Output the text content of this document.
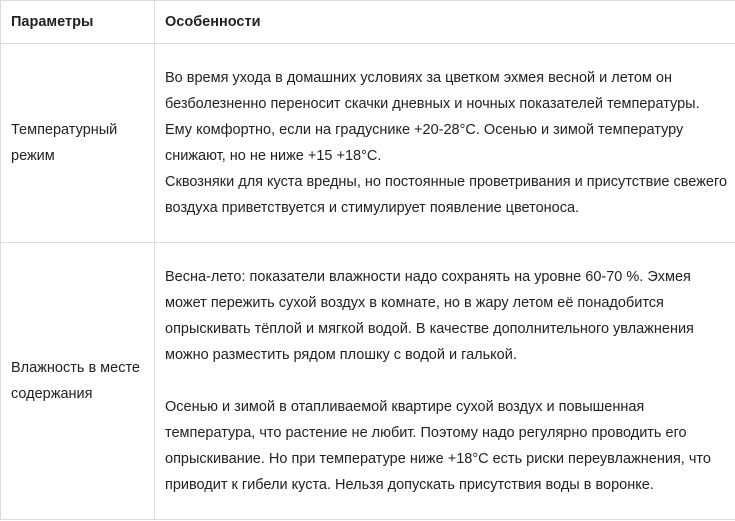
Параметры	Особенности
Температурный режим	Во время ухода в домашних условиях за цветком эхмея весной и летом он безболезненно переносит скачки дневных и ночных показателей температуры. Ему комфортно, если на градуснике +20-28°С. Осенью и зимой температуру снижают, но не ниже +15 +18°С.
Сквозняки для куста вредны, но постоянные проветривания и присутствие свежего воздуха приветствуется и стимулирует появление цветоноса.

Влажность в месте содержания	Весна-лето: показатели влажности надо сохранять на уровне 60-70 %. Эхмея может пережить сухой воздух в комнате, но в жару летом её понадобится опрыскивать тёплой и мягкой водой. В качестве дополнительного увлажнения можно разместить рядом плошку с водой и галькой.
Осенью и зимой в отапливаемой квартире сухой воздух и повышенная температура, что растение не любит. Поэтому надо регулярно проводить его опрыскивание. Но при температуре ниже +18°С есть риски переувлажнения, что приводит к гибели куста. Нельзя допускать присутствия воды в воронке.
